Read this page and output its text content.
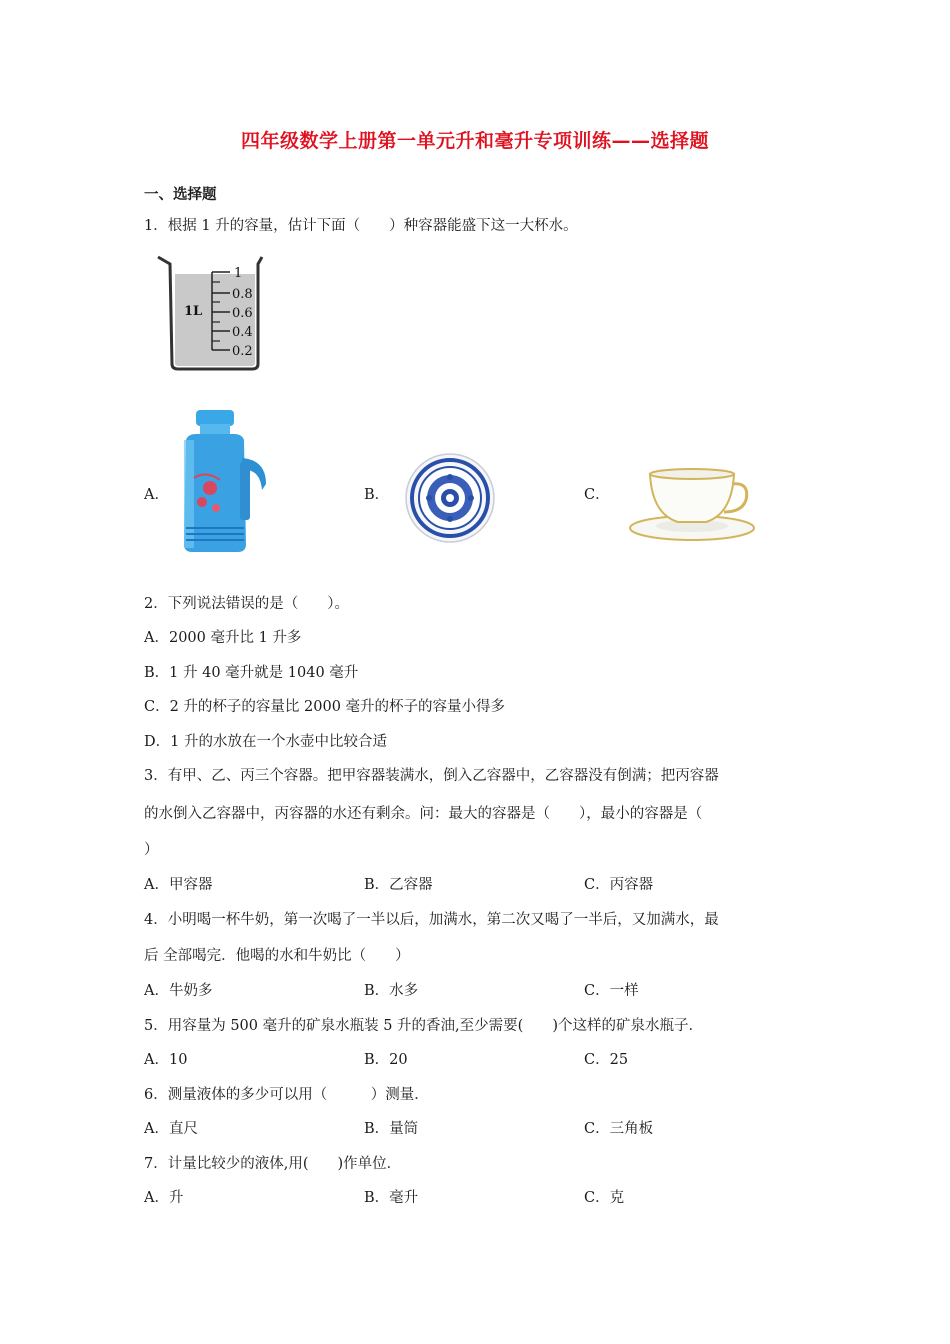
四年级数学上册第一单元升和毫升专项训练——选择题
一、选择题
1．根据 1 升的容量，估计下面（　　）种容器能盛下这一大杯水。
1L
1
0.8
0.6
0.4
0.2
A．	B．	C．
2．下列说法错误的是（　　）。
A．2000 毫升比 1 升多
B．1 升 40 毫升就是 1040 毫升
C．2 升的杯子的容量比 2000 毫升的杯子的容量小得多
D．1 升的水放在一个水壶中比较合适
3．有甲、乙、丙三个容器。把甲容器装满水，倒入乙容器中，乙容器没有倒满；把丙容器
的水倒入乙容器中，丙容器的水还有剩余。问：最大的容器是（　　），最小的容器是（
）
A．甲容器	B．乙容器	C．丙容器
4．小明喝一杯牛奶，第一次喝了一半以后，加满水，第二次又喝了一半后，又加满水，最
后 全部喝完．他喝的水和牛奶比（　　）
A．牛奶多	B．水多	C．一样
5．用容量为 500 毫升的矿泉水瓶装 5 升的香油,至少需要(　　)个这样的矿泉水瓶子．
A．10	B．20	C．25
6．测量液体的多少可以用（　　　）测量．
A．直尺	B．量筒	C．三角板
7．计量比较少的液体,用(　　)作单位．
A．升	B．毫升	C．克
